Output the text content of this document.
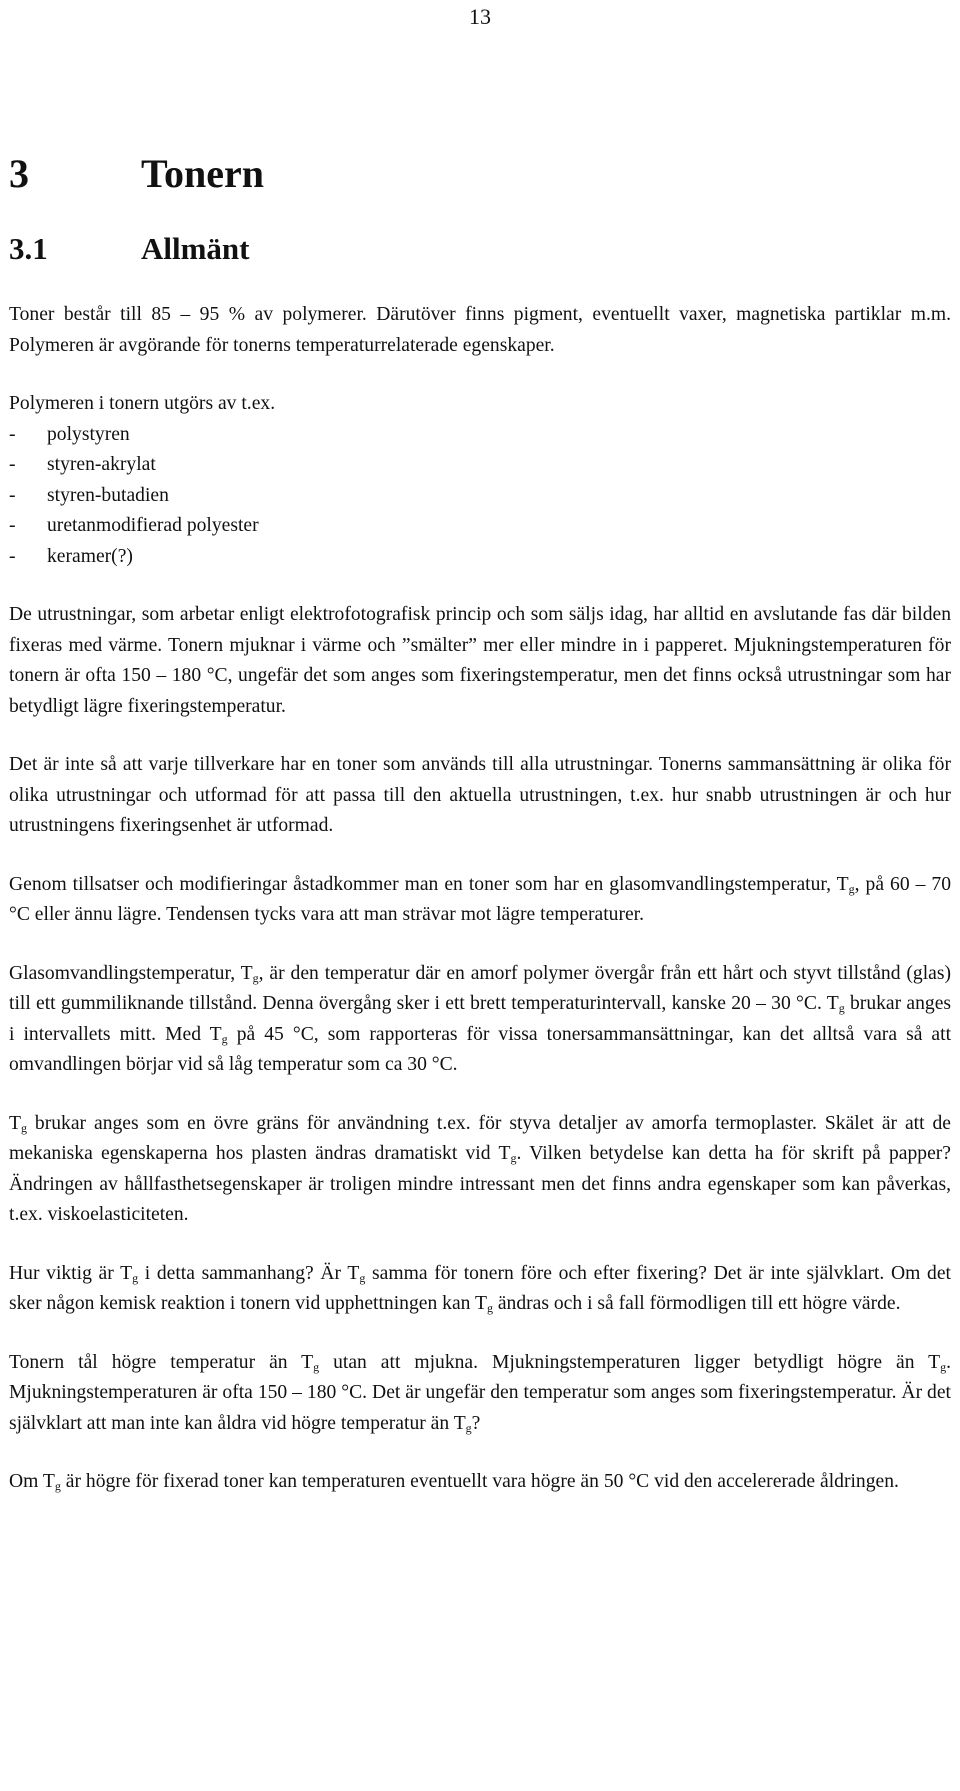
13
3	Tonern
3.1	Allmänt

Toner består till 85 – 95 % av polymerer. Därutöver finns pigment, eventuellt vaxer, magnetiska partiklar m.m. Polymeren är avgörande för tonerns temperaturrelaterade egenskaper.

Polymeren i tonern utgörs av t.ex.

- polystyren
- styren-akrylat
- styren-butadien
- uretanmodifierad polyester
- keramer(?)

De utrustningar, som arbetar enligt elektrofotografisk princip och som säljs idag, har alltid en avslutande fas där bilden fixeras med värme. Tonern mjuknar i värme och ”smälter” mer eller mindre in i papperet. Mjukningstemperaturen för tonern är ofta 150 – 180 °C, ungefär det som anges som fixeringstemperatur, men det finns också utrustningar som har betydligt lägre fixeringstemperatur.

Det är inte så att varje tillverkare har en toner som används till alla utrustningar. Tonerns sammansättning är olika för olika utrustningar och utformad för att passa till den aktuella utrustningen, t.ex. hur snabb utrustningen är och hur utrustningens fixeringsenhet är utformad.

Genom tillsatser och modifieringar åstadkommer man en toner som har en glasomvandlingstemperatur, $T_g$, på 60 – 70 °C eller ännu lägre. Tendensen tycks vara att man strävar mot lägre temperaturer.

Glasomvandlingstemperatur, $T_g$, är den temperatur där en amorf polymer övergår från ett hårt och styvt tillstånd (glas) till ett gummiliknande tillstånd. Denna övergång sker i ett brett temperaturintervall, kanske 20 – 30 °C. $T_g$ brukar anges i intervallets mitt. Med $T_g$ på 45 °C, som rapporteras för vissa tonersammansättningar, kan det alltså vara så att omvandlingen börjar vid så låg temperatur som ca 30 °C.

$T_g$ brukar anges som en övre gräns för användning t.ex. för styva detaljer av amorfa termoplaster. Skälet är att de mekaniska egenskaperna hos plasten ändras dramatiskt vid $T_g$. Vilken betydelse kan detta ha för skrift på papper? Ändringen av hållfasthetsegenskaper är troligen mindre intressant men det finns andra egenskaper som kan påverkas, t.ex. viskoelasticiteten.

Hur viktig är $T_g$ i detta sammanhang? Är $T_g$ samma för tonern före och efter fixering? Det är inte självklart. Om det sker någon kemisk reaktion i tonern vid upphettningen kan $T_g$ ändras och i så fall förmodligen till ett högre värde.

Tonern tål högre temperatur än $T_g$ utan att mjukna. Mjukningstemperaturen ligger betydligt högre än $T_g$. Mjukningstemperaturen är ofta 150 – 180 °C. Det är ungefär den temperatur som anges som fixeringstemperatur. Är det självklart att man inte kan åldra vid högre temperatur än $T_g$?

Om $T_g$ är högre för fixerad toner kan temperaturen eventuellt vara högre än 50 °C vid den accelererade åldringen.
